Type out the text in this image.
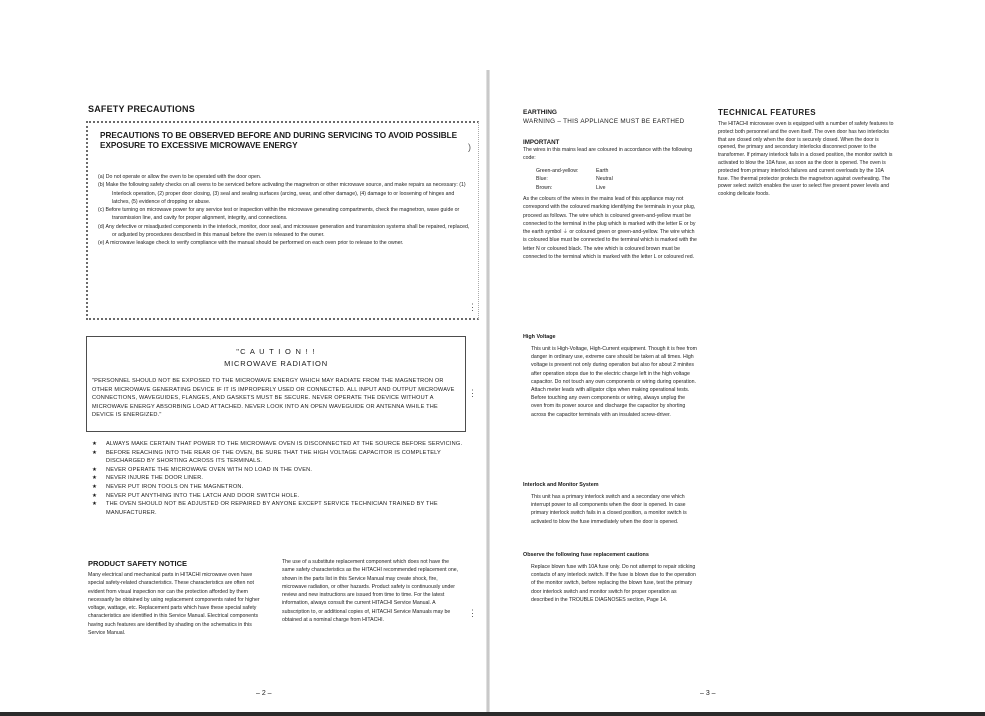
SAFETY PRECAUTIONS
PRECAUTIONS TO BE OBSERVED BEFORE AND DURING SERVICING TO AVOID POSSIBLE EXPOSURE TO EXCESSIVE MICROWAVE ENERGY
(a) Do not operate or allow the oven to be operated with the door open.
(b) Make the following safety checks on all ovens to be serviced before activating the magnetron or other microwave source, and make repairs as necessary: (1) Interlock operation, (2) proper door closing, (3) seal and sealing surfaces (arcing, wear, and other damage), (4) damage to or loosening of hinges and latches, (5) evidence of dropping or abuse.
(c) Before turning on microwave power for any service test or inspection within the microwave generating compartments, check the magnetron, wave guide or transmission line, and cavity for proper alignment, integrity, and connections.
(d) Any defective or misadjusted components in the interlock, monitor, door seal, and microwave generation and transmission systems shall be repaired, replaced, or adjusted by procedures described in this manual before the oven is released to the owner.
(e) A microwave leakage check to verify compliance with the manual should be performed on each oven prior to release to the owner.
"C A U T I O N ! !
MICROWAVE RADIATION
"PERSONNEL SHOULD NOT BE EXPOSED TO THE MICROWAVE ENERGY WHICH MAY RADIATE FROM THE MAGNETRON OR OTHER MICROWAVE GENERATING DEVICE IF IT IS IMPROPERLY USED OR CONNECTED. ALL INPUT AND OUTPUT MICROWAVE CONNECTIONS, WAVEGUIDES, FLANGES, AND GASKETS MUST BE SECURE. NEVER OPERATE THE DEVICE WITHOUT A MICROWAVE ENERGY ABSORBING LOAD ATTACHED. NEVER LOOK INTO AN OPEN WAVEGUIDE OR ANTENNA WHILE THE DEVICE IS ENERGIZED."
★ ALWAYS MAKE CERTAIN THAT POWER TO THE MICROWAVE OVEN IS DISCONNECTED AT THE SOURCE BEFORE SERVICING.
★ BEFORE REACHING INTO THE REAR OF THE OVEN, BE SURE THAT THE HIGH VOLTAGE CAPACITOR IS COMPLETELY DISCHARGED BY SHORTING ACROSS ITS TERMINALS.
★ NEVER OPERATE THE MICROWAVE OVEN WITH NO LOAD IN THE OVEN.
★ NEVER INJURE THE DOOR LINER.
★ NEVER PUT IRON TOOLS ON THE MAGNETRON.
★ NEVER PUT ANYTHING INTO THE LATCH AND DOOR SWITCH HOLE.
★ THE OVEN SHOULD NOT BE ADJUSTED OR REPAIRED BY ANYONE EXCEPT SERVICE TECHNICIAN TRAINED BY THE MANUFACTURER.
PRODUCT SAFETY NOTICE
Many electrical and mechanical parts in HITACHI microwave oven have special safety-related characteristics. These characteristics are often not evident from visual inspection nor can the protection afforded by them necessarily be obtained by using replacement components rated for higher voltage, wattage, etc. Replacement parts which have these special safety characteristics are identified in this Service Manual. Electrical components having such features are identified by shading on the schematics in this Service Manual.
The use of a substitute replacement component which does not have the same safety characteristics as the HITACHI recommended replacement one, shown in the parts list in this Service Manual may create shock, fire, microwave radiation, or other hazards. Product safety is continuously under review and new instructions are issued from time to time. For the latest information, always consult the current HITACHI Service Manual. A subscription to, or additional copies of, HITACHI Service Manuals may be obtained at a nominal charge from HITACHI.
– 2 –
)
⋮
⋮
⋮
EARTHING
WARNING – THIS APPLIANCE MUST BE EARTHED
IMPORTANT
The wires in this mains lead are coloured in accordance with the following code:
Green-and-yellow:	Earth
Blue:	Neutral
Brown:	Live
As the colours of the wires in the mains lead of this appliance may not correspond with the coloured marking identifying the terminals in your plug, proceed as follows. The wire which is coloured green-and-yellow must be connected to the terminal in the plug which is marked with the letter E or by the earth symbol ⏚ or coloured green or green-and-yellow. The wire which is coloured blue must be connected to the terminal which is marked with the letter N or coloured black. The wire which is coloured brown must be connected to the terminal which is marked with the letter L or coloured red.
High Voltage
This unit is High-Voltage, High-Current equipment. Though it is free from danger in ordinary use, extreme care should be taken at all times. High voltage is present not only during operation but also for about 2 minites after operation stops due to the electric charge left in the high voltage capacitor. Do not touch any own components or wiring during operation. Attach meter leads with alligator clips when making operational tests. Before touching any oven components or wiring, always unplug the oven from its power source and discharge the capacitor by shorting across the capacitor terminals with an insulated screw-driver.
Interlock and Monitor System
This unit has a primary interlock switch and a secondary one which interrupt power to all components when the door is opened. In case primary interlock switch fails in a closed position, a monitor switch is activated to blow the fuse immediately when the door is opened.
Observe the following fuse replacement cautions
Replace blown fuse with 10A fuse only. Do not attempt to repair sticking contacts of any interlock switch. If the fuse is blown due to the operation of the monitor switch, before replacing the blown fuse, test the primary door interlock switch and monitor switch for proper operation as described in the TROUBLE DIAGNOSES section, Page 14.
TECHNICAL FEATURES
The HITACHI microwave oven is equipped with a number of safety features to protect both personnel and the oven itself. The oven door has two interlocks that are closed only when the door is securely closed. When the door is opened, the primary and secondary interlocks disconnect power to the transformer. If primary interlock fails in a closed position, the monitor switch is activated to blow the 10A fuse, as soon as the door is opened. The oven is protected from primary interlock failures and current overloads by the 10A fuse. The thermal protector protects the magnetron against overheating. The power select switch enables the user to select five present power levels and cooking delicate foods.
– 3 –
